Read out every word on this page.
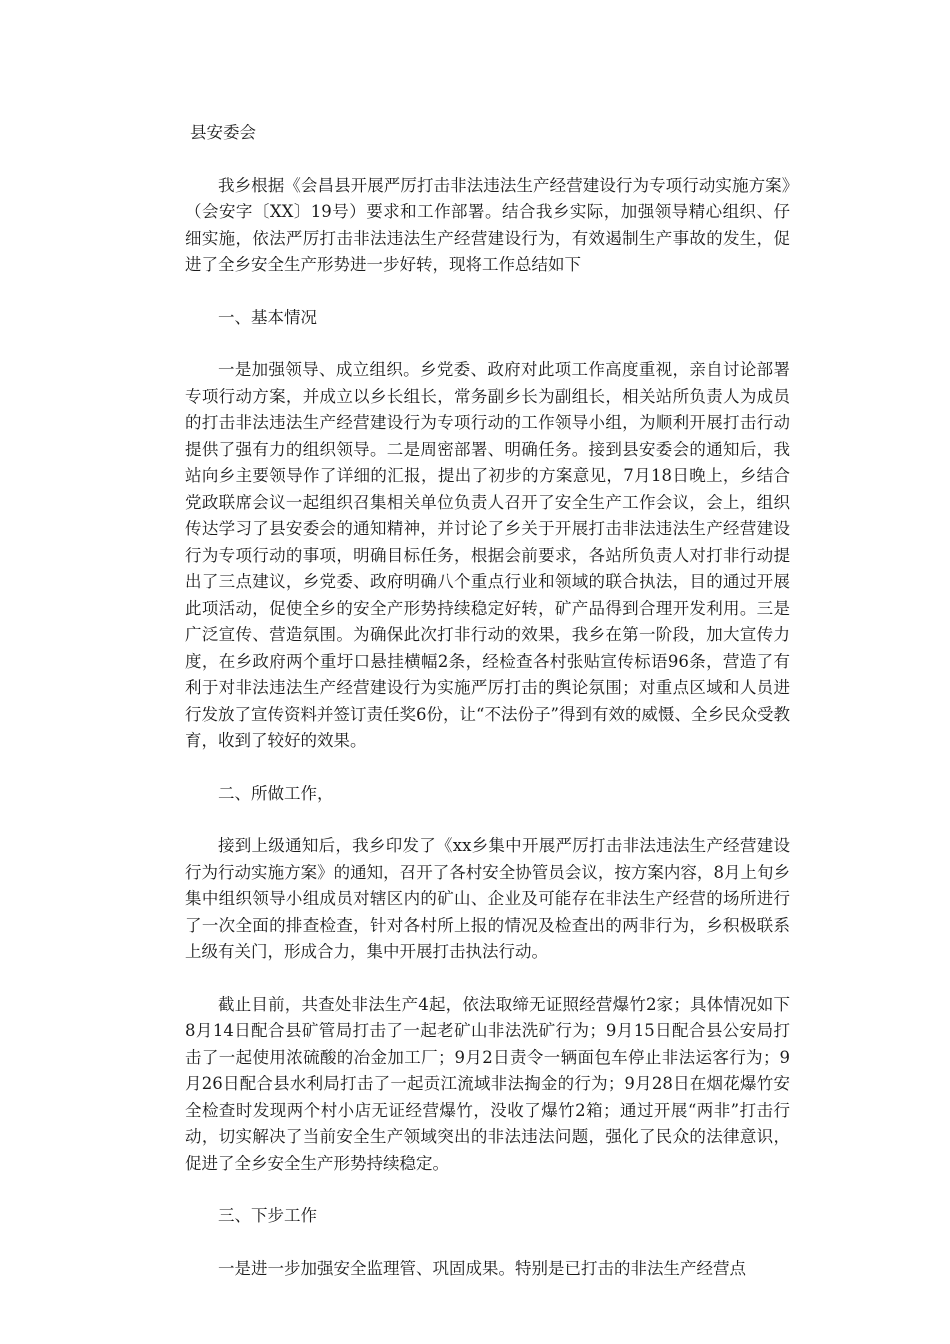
县安委会

我乡根据《会昌县开展严厉打击非法违法生产经营建设行为专项行动实施方案》（会安字〔XX〕19号）要求和工作部署。结合我乡实际，加强领导精心组织、仔细实施，依法严厉打击非法违法生产经营建设行为，有效遏制生产事故的发生，促进了全乡安全生产形势进一步好转，现将工作总结如下

一、基本情况

一是加强领导、成立组织。乡党委、政府对此项工作高度重视，亲自讨论部署专项行动方案，并成立以乡长组长，常务副乡长为副组长，相关站所负责人为成员的打击非法违法生产经营建设行为专项行动的工作领导小组，为顺利开展打击行动提供了强有力的组织领导。二是周密部署、明确任务。接到县安委会的通知后，我站向乡主要领导作了详细的汇报，提出了初步的方案意见，7月18日晚上，乡结合党政联席会议一起组织召集相关单位负责人召开了安全生产工作会议，会上，组织传达学习了县安委会的通知精神，并讨论了乡关于开展打击非法违法生产经营建设行为专项行动的事项，明确目标任务，根据会前要求，各站所负责人对打非行动提出了三点建议，乡党委、政府明确八个重点行业和领域的联合执法，目的通过开展此项活动，促使全乡的安全产形势持续稳定好转，矿产品得到合理开发利用。三是广泛宣传、营造氛围。为确保此次打非行动的效果，我乡在第一阶段，加大宣传力度，在乡政府两个重圩口悬挂横幅2条，经检查各村张贴宣传标语96条，营造了有利于对非法违法生产经营建设行为实施严厉打击的舆论氛围；对重点区域和人员进行发放了宣传资料并签订责任奖6份，让“不法份子”得到有效的威慑、全乡民众受教育，收到了较好的效果。

二、所做工作，

接到上级通知后，我乡印发了《xx乡集中开展严厉打击非法违法生产经营建设行为行动实施方案》的通知，召开了各村安全协管员会议，按方案内容，8月上旬乡集中组织领导小组成员对辖区内的矿山、企业及可能存在非法生产经营的场所进行了一次全面的排查检查，针对各村所上报的情况及检查出的两非行为，乡积极联系上级有关门，形成合力，集中开展打击执法行动。

截止目前，共查处非法生产4起，依法取缔无证照经营爆竹2家；具体情况如下8月14日配合县矿管局打击了一起老矿山非法洗矿行为；9月15日配合县公安局打击了一起使用浓硫酸的冶金加工厂；9月2日责令一辆面包车停止非法运客行为；9月26日配合县水利局打击了一起贡江流域非法掏金的行为；9月28日在烟花爆竹安全检查时发现两个村小店无证经营爆竹，没收了爆竹2箱；通过开展“两非”打击行动，切实解决了当前安全生产领域突出的非法违法问题，强化了民众的法律意识，促进了全乡安全生产形势持续稳定。

三、下步工作

一是进一步加强安全监理管、巩固成果。特别是已打击的非法生产经营点
